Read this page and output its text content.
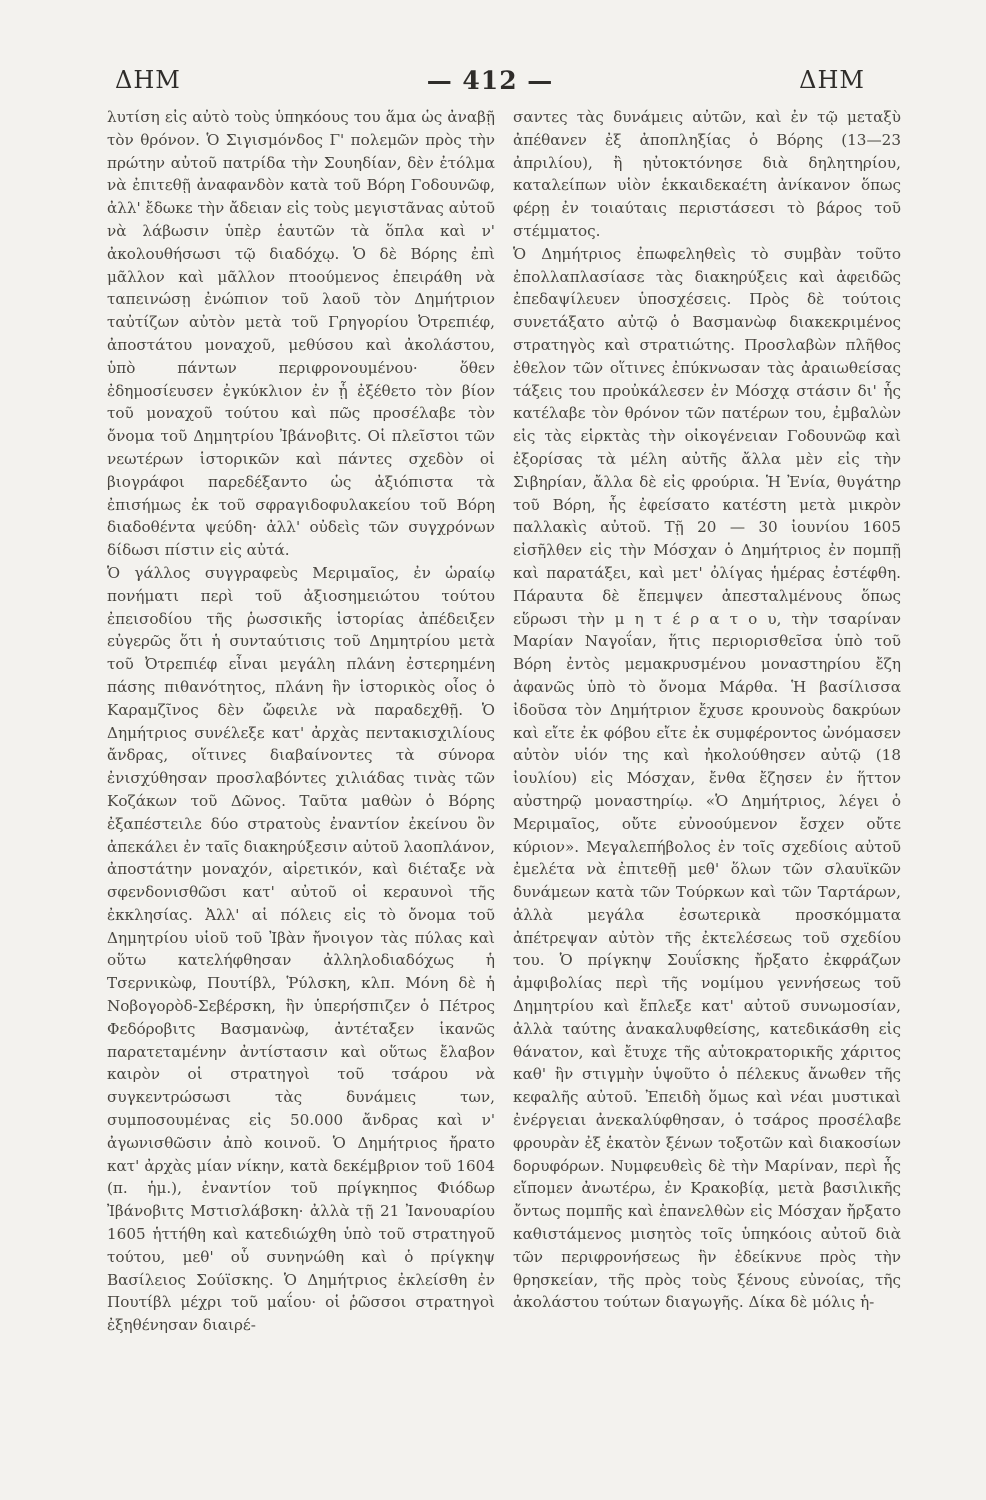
ΔΗΜ	— 412 —	ΔΗΜ

λυτίση εἰς αὐτὸ τοὺς ὑπηκόους του ἅμα ὡς ἀναβῇ τὸν θρόνον. Ὁ Σιγισμόνδος Γ' πολεμῶν πρὸς τὴν πρώτην αὐτοῦ πατρίδα τὴν Σουηδίαν, δὲν ἐτόλμα νὰ ἐπιτεθῇ ἀναφανδὸν κατὰ τοῦ Βόρη Γοδουνῶφ, ἀλλ' ἔδωκε τὴν ἄδειαν εἰς τοὺς μεγιστᾶνας αὐτοῦ νὰ λάβωσιν ὑπὲρ ἑαυτῶν τὰ ὅπλα καὶ ν' ἀκολουθήσωσι τῷ διαδόχῳ. Ὁ δὲ Βόρης ἐπὶ μᾶλλον καὶ μᾶλλον πτοούμενος ἐπειράθη νὰ ταπεινώσῃ ἐνώπιον τοῦ λαοῦ τὸν Δημήτριον ταὐτίζων αὐτὸν μετὰ τοῦ Γρηγορίου Ὀτρεπιέφ, ἀποστάτου μοναχοῦ, μεθύσου καὶ ἀκολάστου, ὑπὸ πάντων περιφρονουμένου· ὅθεν ἐδημοσίευσεν ἐγκύκλιον ἐν ᾗ ἐξέθετο τὸν βίον τοῦ μοναχοῦ τούτου καὶ πῶς προσέλαβε τὸν ὄνομα τοῦ Δημητρίου Ἰβάνοβιτς. Οἱ πλεῖστοι τῶν νεωτέρων ἱστορικῶν καὶ πάντες σχεδὸν οἱ βιογράφοι παρεδέξαντο ὡς ἀξιόπιστα τὰ ἐπισήμως ἐκ τοῦ σφραγιδοφυλακείου τοῦ Βόρη διαδοθέντα ψεύδη· ἀλλ' οὐδεὶς τῶν συγχρόνων δίδωσι πίστιν εἰς αὐτά.

Ὁ γάλλος συγγραφεὺς Μεριμαῖος, ἐν ὡραίῳ πονήματι περὶ τοῦ ἀξιοσημειώτου τούτου ἐπεισοδίου τῆς ῥωσσικῆς ἱστορίας ἀπέδειξεν εὐγερῶς ὅτι ἡ συνταύτισις τοῦ Δημητρίου μετὰ τοῦ Ὀτρεπιέφ εἶναι μεγάλη πλάνη ἐστερημένη πάσης πιθανότητος, πλάνη ἣν ἱστορικὸς οἷος ὁ Καραμζῖνος δὲν ὤφειλε νὰ παραδεχθῇ. Ὁ Δημήτριος συνέλεξε κατ' ἀρχὰς πεντακισχιλίους ἄνδρας, οἵτινες διαβαίνοντες τὰ σύνορα ἐνισχύθησαν προσλαβόντες χιλιάδας τινὰς τῶν Κοζάκων τοῦ Δῶνος. Ταῦτα μαθὼν ὁ Βόρης ἐξαπέστειλε δύο στρατοὺς ἐναντίον ἐκείνου ὃν ἀπεκάλει ἐν ταῖς διακηρύξεσιν αὐτοῦ λαοπλάνον, ἀποστάτην μοναχόν, αἱρετικόν, καὶ διέταξε νὰ σφενδονισθῶσι κατ' αὐτοῦ οἱ κεραυνοὶ τῆς ἐκκλησίας. Ἀλλ' αἱ πόλεις εἰς τὸ ὄνομα τοῦ Δημητρίου υἱοῦ τοῦ Ἰβὰν ἤνοιγον τὰς πύλας καὶ οὕτω κατελήφθησαν ἀλληλοδιαδόχως ἡ Τσερνικὼφ, Πουτίβλ, Ῥύλσκη, κλπ. Μόνη δὲ ἡ Νοβογορὸδ-Σεβέρσκη, ἣν ὑπερήσπιζεν ὁ Πέτρος Φεδόροβιτς Βασμανὼφ, ἀντέταξεν ἱκανῶς παρατεταμένην ἀντίστασιν καὶ οὕτως ἔλαβον καιρὸν οἱ στρατηγοὶ τοῦ τσάρου νὰ συγκεντρώσωσι τὰς δυνάμεις των, συμποσουμένας εἰς 50.000 ἄνδρας καὶ ν' ἀγωνισθῶσιν ἀπὸ κοινοῦ. Ὁ Δημήτριος ἤρατο κατ' ἀρχὰς μίαν νίκην, κατὰ δεκέμβριον τοῦ 1604 (π. ἡμ.), ἐναντίον τοῦ πρίγκηπος Φιόδωρ Ἰβάνοβιτς Μστισλάβσκη· ἀλλὰ τῇ 21 Ἰανουαρίου 1605 ἡττήθη καὶ κατεδιώχθη ὑπὸ τοῦ στρατηγοῦ τούτου, μεθ' οὗ συνηνώθη καὶ ὁ πρίγκηψ Βασίλειος Σούϊσκης. Ὁ Δημήτριος ἐκλείσθη ἐν Πουτίβλ μέχρι τοῦ μαΐου· οἱ ῥῶσσοι στρατηγοὶ ἐξηθένησαν διαιρέ-

σαντες τὰς δυνάμεις αὐτῶν, καὶ ἐν τῷ μεταξὺ ἀπέθανεν ἐξ ἀποπληξίας ὁ Βόρης (13—23 ἀπριλίου), ἢ ηὐτοκτόνησε διὰ δηλητηρίου, καταλείπων υἱὸν ἑκκαιδεκαέτη ἀνίκανον ὅπως φέρῃ ἐν τοιαύταις περιστάσεσι τὸ βάρος τοῦ στέμματος.

Ὁ Δημήτριος ἐπωφεληθεὶς τὸ συμβὰν τοῦτο ἐπολλαπλασίασε τὰς διακηρύξεις καὶ ἀφειδῶς ἐπεδαψίλευεν ὑποσχέσεις. Πρὸς δὲ τούτοις συνετάξατο αὐτῷ ὁ Βασμανὼφ διακεκριμένος στρατηγὸς καὶ στρατιώτης. Προσλαβὼν πλῆθος ἐθελον τῶν οἵτινες ἐπύκνωσαν τὰς ἀραιωθείσας τάξεις του προὐκάλεσεν ἐν Μόσχᾳ στάσιν δι' ἧς κατέλαβε τὸν θρόνον τῶν πατέρων του, ἐμβαλὼν εἰς τὰς εἱρκτὰς τὴν οἰκογένειαν Γοδουνῶφ καὶ ἐξορίσας τὰ μέλη αὐτῆς ἄλλα μὲν εἰς τὴν Σιβηρίαν, ἄλλα δὲ εἰς φρούρια. Ἡ Ἐνία, θυγάτηρ τοῦ Βόρη, ἧς ἐφείσατο κατέστη μετὰ μικρὸν παλλακὶς αὐτοῦ. Τῇ 20 — 30 ἰουνίου 1605 εἰσῆλθεν εἰς τὴν Μόσχαν ὁ Δημήτριος ἐν πομπῇ καὶ παρατάξει, καὶ μετ' ὀλίγας ἡμέρας ἐστέφθη. Πάραυτα δὲ ἔπεμψεν ἀπεσταλμένους ὅπως εὕρωσι τὴν μ η τ έ ρ α τ ο υ, τὴν τσαρίναν Μαρίαν Ναγοΐαν, ἥτις περιορισθεῖσα ὑπὸ τοῦ Βόρη ἐντὸς μεμακρυσμένου μοναστηρίου ἔζη ἀφανῶς ὑπὸ τὸ ὄνομα Μάρθα. Ἡ βασίλισσα ἰδοῦσα τὸν Δημήτριον ἔχυσε κρουνοὺς δακρύων καὶ εἴτε ἐκ φόβου εἴτε ἐκ συμφέροντος ὠνόμασεν αὐτὸν υἱόν της καὶ ἠκολούθησεν αὐτῷ (18 ἰουλίου) εἰς Μόσχαν, ἔνθα ἔζησεν ἐν ἥττον αὐστηρῷ μοναστηρίῳ. «Ὁ Δημήτριος, λέγει ὁ Μεριμαῖος, οὔτε εὐνοούμενον ἔσχεν οὔτε κύριον». Μεγαλεπήβολος ἐν τοῖς σχεδίοις αὐτοῦ ἐμελέτα νὰ ἐπιτεθῇ μεθ' ὅλων τῶν σλαυϊκῶν δυνάμεων κατὰ τῶν Τούρκων καὶ τῶν Ταρτάρων, ἀλλὰ μεγάλα ἐσωτερικὰ προσκόμματα ἀπέτρεψαν αὐτὸν τῆς ἐκτελέσεως τοῦ σχεδίου του. Ὁ πρίγκηψ Σουΐσκης ἤρξατο ἐκφράζων ἀμφιβολίας περὶ τῆς νομίμου γεννήσεως τοῦ Δημητρίου καὶ ἔπλεξε κατ' αὐτοῦ συνωμοσίαν, ἀλλὰ ταύτης ἀνακαλυφθείσης, κατεδικάσθη εἰς θάνατον, καὶ ἔτυχε τῆς αὐτοκρατορικῆς χάριτος καθ' ἣν στιγμὴν ὑψοῦτο ὁ πέλεκυς ἄνωθεν τῆς κεφαλῆς αὐτοῦ. Ἐπειδὴ ὅμως καὶ νέαι μυστικαὶ ἐνέργειαι ἀνεκαλύφθησαν, ὁ τσάρος προσέλαβε φρουρὰν ἐξ ἑκατὸν ξένων τοξοτῶν καὶ διακοσίων δορυφόρων. Νυμφευθεὶς δὲ τὴν Μαρίναν, περὶ ἧς εἴπομεν ἀνωτέρω, ἐν Κρακοβίᾳ, μετὰ βασιλικῆς ὄντως πομπῆς καὶ ἐπανελθὼν εἰς Μόσχαν ἤρξατο καθιστάμενος μισητὸς τοῖς ὑπηκόοις αὐτοῦ διὰ τῶν περιφρονήσεως ἣν ἐδείκνυε πρὸς τὴν θρησκείαν, τῆς πρὸς τοὺς ξένους εὐνοίας, τῆς ἀκολάστου τούτων διαγωγῆς. Δίκα δὲ μόλις ἡ-
